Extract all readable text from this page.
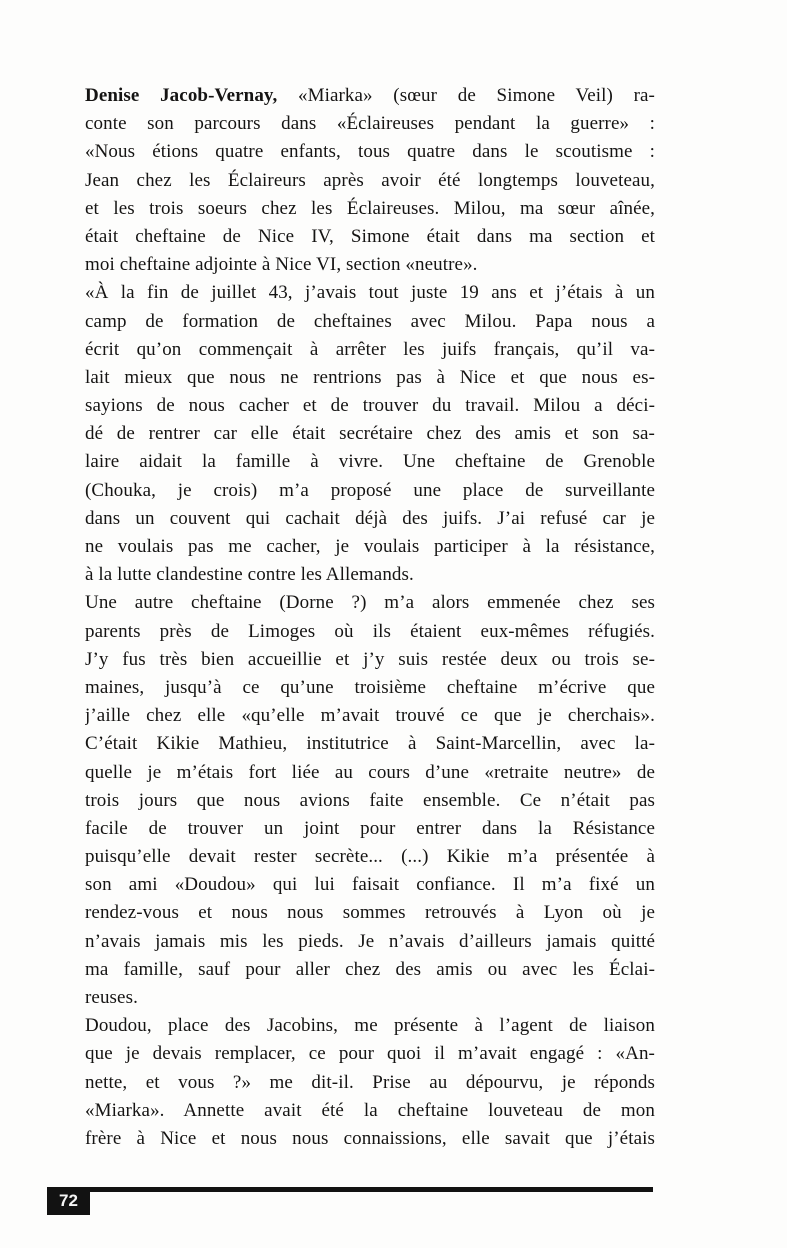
Denise Jacob-Vernay, «Miarka» (sœur de Simone Veil) ra-
conte son parcours dans «Éclaireuses pendant la guerre» :
«Nous étions quatre enfants, tous quatre dans le scoutisme :
Jean chez les Éclaireurs après avoir été longtemps louveteau,
et les trois soeurs chez les Éclaireuses. Milou, ma sœur aînée,
était cheftaine de Nice IV, Simone était dans ma section et
moi cheftaine adjointe à Nice VI, section «neutre».
«À la fin de juillet 43, j’avais tout juste 19 ans et j’étais à un
camp de formation de cheftaines avec Milou. Papa nous a
écrit qu’on commençait à arrêter les juifs français, qu’il va-
lait mieux que nous ne rentrions pas à Nice et que nous es-
sayions de nous cacher et de trouver du travail. Milou a déci-
dé de rentrer car elle était secrétaire chez des amis et son sa-
laire aidait la famille à vivre. Une cheftaine de Grenoble
(Chouka, je crois) m’a proposé une place de surveillante
dans un couvent qui cachait déjà des juifs. J’ai refusé car je
ne voulais pas me cacher, je voulais participer à la résistance,
à la lutte clandestine contre les Allemands.
Une autre cheftaine (Dorne ?) m’a alors emmenée chez ses
parents près de Limoges où ils étaient eux-mêmes réfugiés.
J’y fus très bien accueillie et j’y suis restée deux ou trois se-
maines, jusqu’à ce qu’une troisième cheftaine m’écrive que
j’aille chez elle «qu’elle m’avait trouvé ce que je cherchais».
C’était Kikie Mathieu, institutrice à Saint-Marcellin, avec la-
quelle je m’étais fort liée au cours d’une «retraite neutre» de
trois jours que nous avions faite ensemble. Ce n’était pas
facile de trouver un joint pour entrer dans la Résistance
puisqu’elle devait rester secrète... (...) Kikie m’a présentée à
son ami «Doudou» qui lui faisait confiance. Il m’a fixé un
rendez-vous et nous nous sommes retrouvés à Lyon où je
n’avais jamais mis les pieds. Je n’avais d’ailleurs jamais quitté
ma famille, sauf pour aller chez des amis ou avec les Éclai-
reuses.
Doudou, place des Jacobins, me présente à l’agent de liaison
que je devais remplacer, ce pour quoi il m’avait engagé : «An-
nette, et vous ?» me dit-il. Prise au dépourvu, je réponds
«Miarka». Annette avait été la cheftaine louveteau de mon
frère à Nice et nous nous connaissions, elle savait que j’étais
72
